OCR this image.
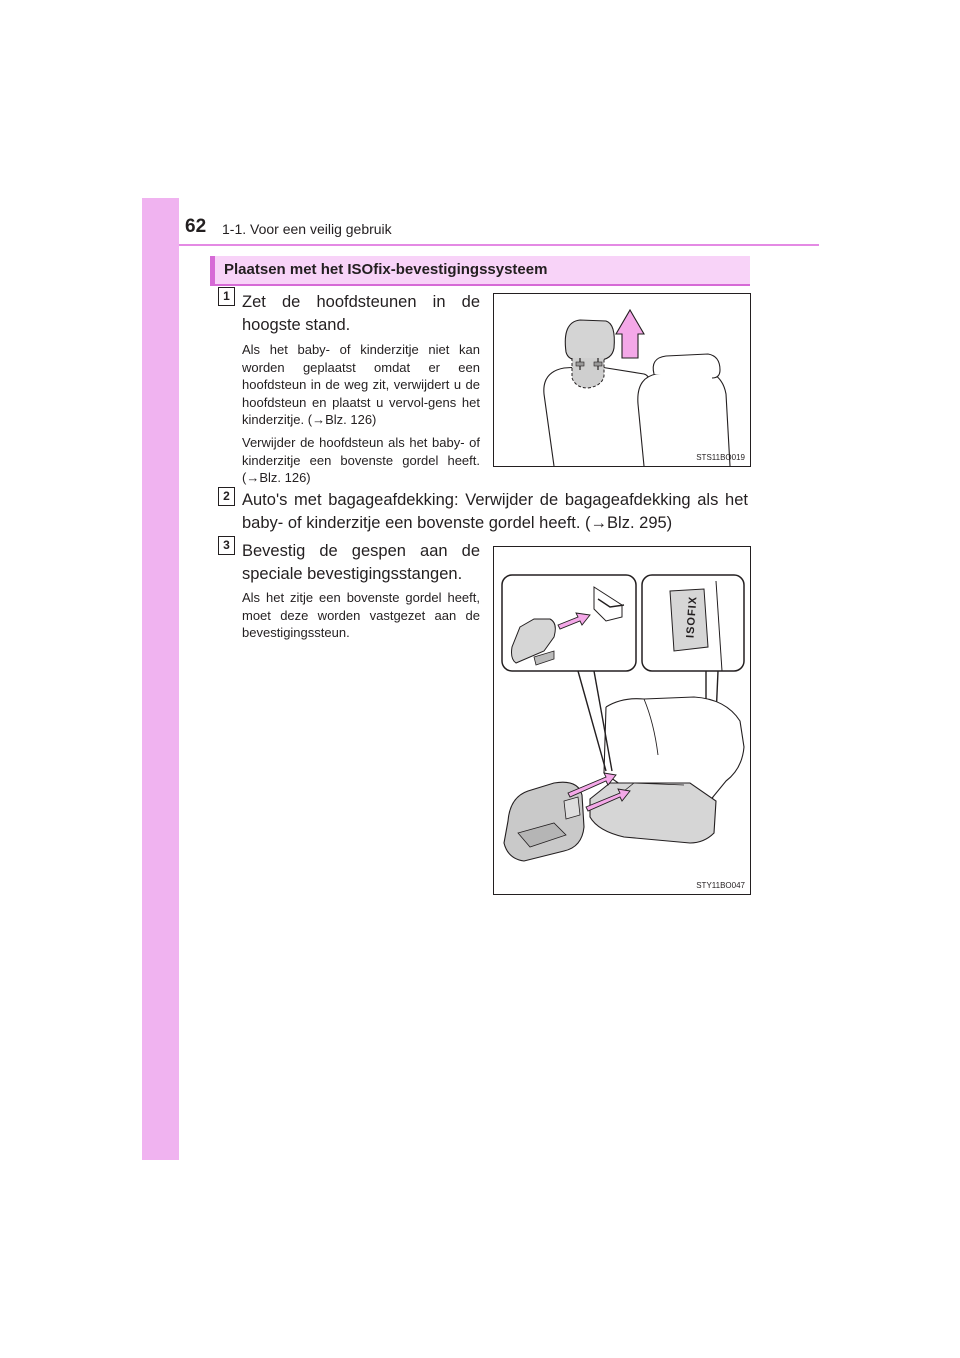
62 1-1. Voor een veilig gebruik
Plaatsen met het ISOfix-bevestigingssysteem
1 Zet de hoofdsteunen in de hoogste stand.
Als het baby- of kinderzitje niet kan worden geplaatst omdat er een hoofdsteun in de weg zit, verwijdert u de hoofdsteun en plaatst u vervol-gens het kinderzitje. (→Blz. 126)
Verwijder de hoofdsteun als het baby- of kinderzitje een bovenste gordel heeft. (→Blz. 126)
STS11BO019
2 Auto's met bagageafdekking: Verwijder de bagageafdekking als het baby- of kinderzitje een bovenste gordel heeft. (→Blz. 295)
3 Bevestig de gespen aan de speciale bevestigingsstangen.
Als het zitje een bovenste gordel heeft, moet deze worden vastgezet aan de bevestigingssteun.	ISOFIX
STY11BO047
